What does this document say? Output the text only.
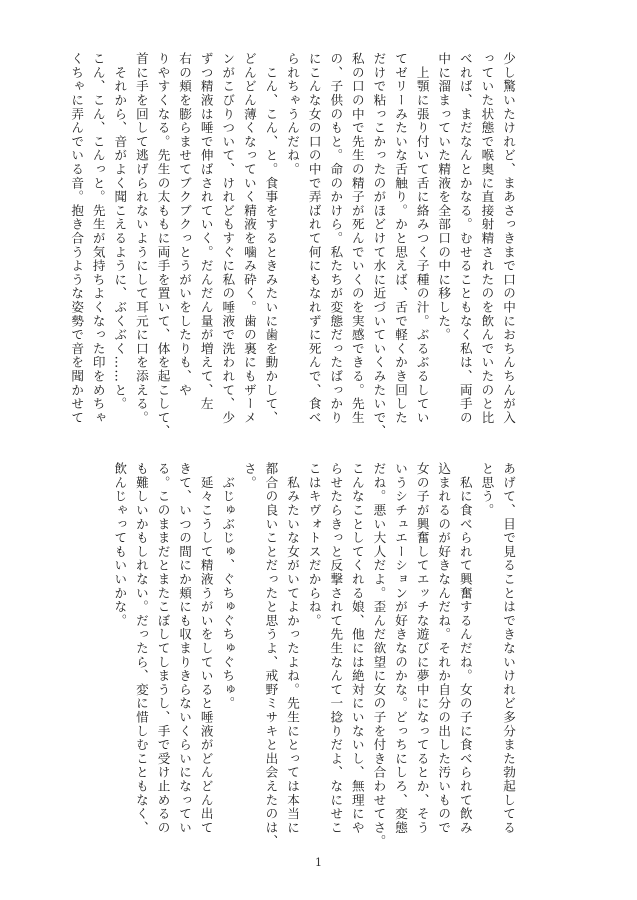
少し驚いたけれど、まあさっきまで口の中におちんちんが入
っていた状態で喉奥に直接射精されたのを飲んでいたのと比
べれば、まだなんとかなる。むせることもなく私は、両手の
中に溜まっていた精液を全部口の中に移した。
　上顎に張り付いて舌に絡みつく子種の汁。ぶるぶるしてい
てゼリーみたいな舌触り。かと思えば、舌で軽くかき回した
だけで粘っこかったのがほどけて水に近づいていくみたいで、
私の口の中で先生の精子が死んでいくのを実感できる。先生
の、子供のもと。命のかけら。私たちが変態だったばっかり
にこんな女の口の中で弄ばれて何にもなれずに死んで、食べ
られちゃうんだね。
　こん、こん、と。食事をするときみたいに歯を動かして、
どんどん薄くなっていく精液を噛み砕く。歯の裏にもザーメ
ンがこびりついて、けれどもすぐに私の唾液で洗われて、少
ずつ精液は唾で伸ばされていく。だんだん量が増えて、左
右の頬を膨らませてブクブクっとうがいをしたりも、や
りやすくなる。先生の太ももに両手を置いて、体を起こして、
首に手を回して逃げられないようにして耳元に口を添える。
　それから、音がよく聞こえるように、ぶくぶく……と。
こん、こん、こんっと。先生が気持ちよくなった印をめちゃ
くちゃに弄んでいる音。抱き合うような姿勢で音を聞かせて
あげて、目で見ることはできないけれど多分また勃起してる
と思う。
　私に食べられて興奮するんだね。女の子に食べられて飲み
込まれるのが好きなんだね。それか自分の出した汚いもので
女の子が興奮してエッチな遊びに夢中になってるとか、そう
いうシチュエーションが好きなのかな。どっちにしろ、変態
だね。悪い大人だよ。歪んだ欲望に女の子を付き合わせてさ。
こんなことしてくれる娘、他には絶対にいないし、無理にや
らせたらきっと反撃されて先生なんて一捻りだよ、なにせこ
こはキヴォトスだからね。
　私みたいな女がいてよかったよね。先生にとっては本当に
都合の良いことだったと思うよ、戒野ミサキと出会えたのは、
さ。
　ぶじゅぶじゅ、ぐちゅぐちゅぐちゅ。
　延々こうして精液うがいをしていると唾液がどんどん出て
きて、いつの間にか頬にも収まりきらないくらいになってい
る。このままだとまたこぼしてしまうし、手で受け止めるの
も難しいかもしれない。だったら、変に惜しむこともなく、
飲んじゃってもいいかな。
1
